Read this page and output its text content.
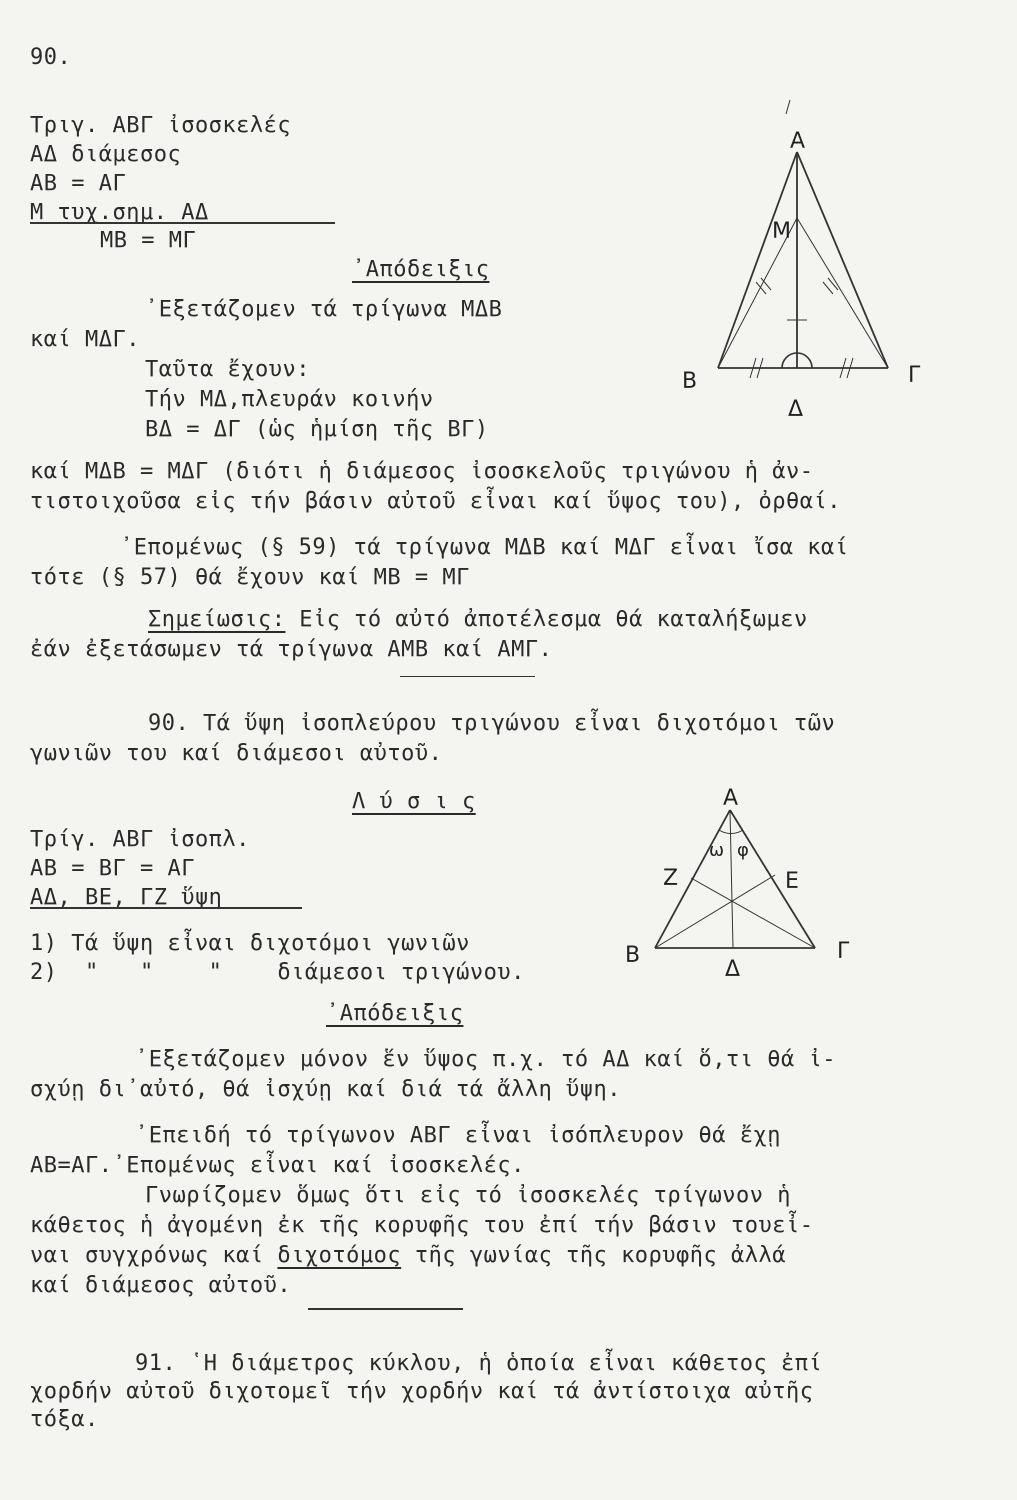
90.
Τριγ. ΑΒΓ ἰσοσκελές
ΑΔ διάμεσος
ΑΒ = ΑΓ
Μ τυχ.σημ. ΑΔ
ΜΒ = ΜΓ
᾿Απόδειξις
᾿Εξετάζομεν τά τρίγωνα ΜΔΒ
καί ΜΔΓ.
Ταῦτα ἔχουν:
Τήν ΜΔ,πλευράν κοινήν
ΒΔ = ΔΓ (ὡς ἡμίση τῆς ΒΓ)
καί ΜΔΒ = ΜΔΓ (διότι ἡ διάμεσος ἰσοσκελοῦς τριγώνου ἡ ἀν-
τιστοιχοῦσα εἰς τήν βάσιν αὐτοῦ εἶναι καί ὕψος του), ὀρθαί.
᾿Επομένως (§ 59) τά τρίγωνα ΜΔΒ καί ΜΔΓ εἶναι ἴσα καί
τότε (§ 57) θά ἔχουν καί ΜΒ = ΜΓ
Σημείωσις: Εἰς τό αὐτό ἀποτέλεσμα θά καταλήξωμεν
ἐάν ἐξετάσωμεν τά τρίγωνα ΑΜΒ καί ΑΜΓ.
90. Τά ὕψη ἰσοπλεύρου τριγώνου εἶναι διχοτόμοι τῶν
γωνιῶν του καί διάμεσοι αὐτοῦ.
Λ ύ σ ι ς
Τρίγ. ΑΒΓ ἰσοπλ.
ΑΒ = ΒΓ = ΑΓ
ΑΔ, ΒΕ, ΓΖ ὕψη
1) Τά ὕψη εἶναι διχοτόμοι γωνιῶν
2)  "   "    "    διάμεσοι τριγώνου.
᾿Απόδειξις
᾿Εξετάζομεν μόνον ἕν ὕψος π.χ. τό ΑΔ καί ὅ,τι θά ἰ-
σχύῃ δι᾿αὐτό, θά ἰσχύῃ καί διά τά ἄλλη ὕψη.
᾿Επειδή τό τρίγωνον ΑΒΓ εἶναι ἰσόπλευρον θά ἔχῃ
ΑΒ=ΑΓ.᾿Επομένως εἶναι καί ἰσοσκελές.
Γνωρίζομεν ὅμως ὅτι εἰς τό ἰσοσκελές τρίγωνον ἡ
κάθετος ἡ ἀγομένη ἐκ τῆς κορυφῆς του ἐπί τήν βάσιν τουεἶ-
ναι συγχρόνως καί διχοτόμος τῆς γωνίας τῆς κορυφῆς ἀλλά
καί διάμεσος αὐτοῦ.
91. ῾Η διάμετρος κύκλου, ἡ ὁποία εἶναι κάθετος ἐπί
χορδήν αὐτοῦ διχοτομεῖ τήν χορδήν καί τά ἀντίστοιχα αὐτῆς
τόξα.
Α
Μ
Β	Γ
Δ
Α
Ζ	Ε
Β	Γ
Δ
ω φ
